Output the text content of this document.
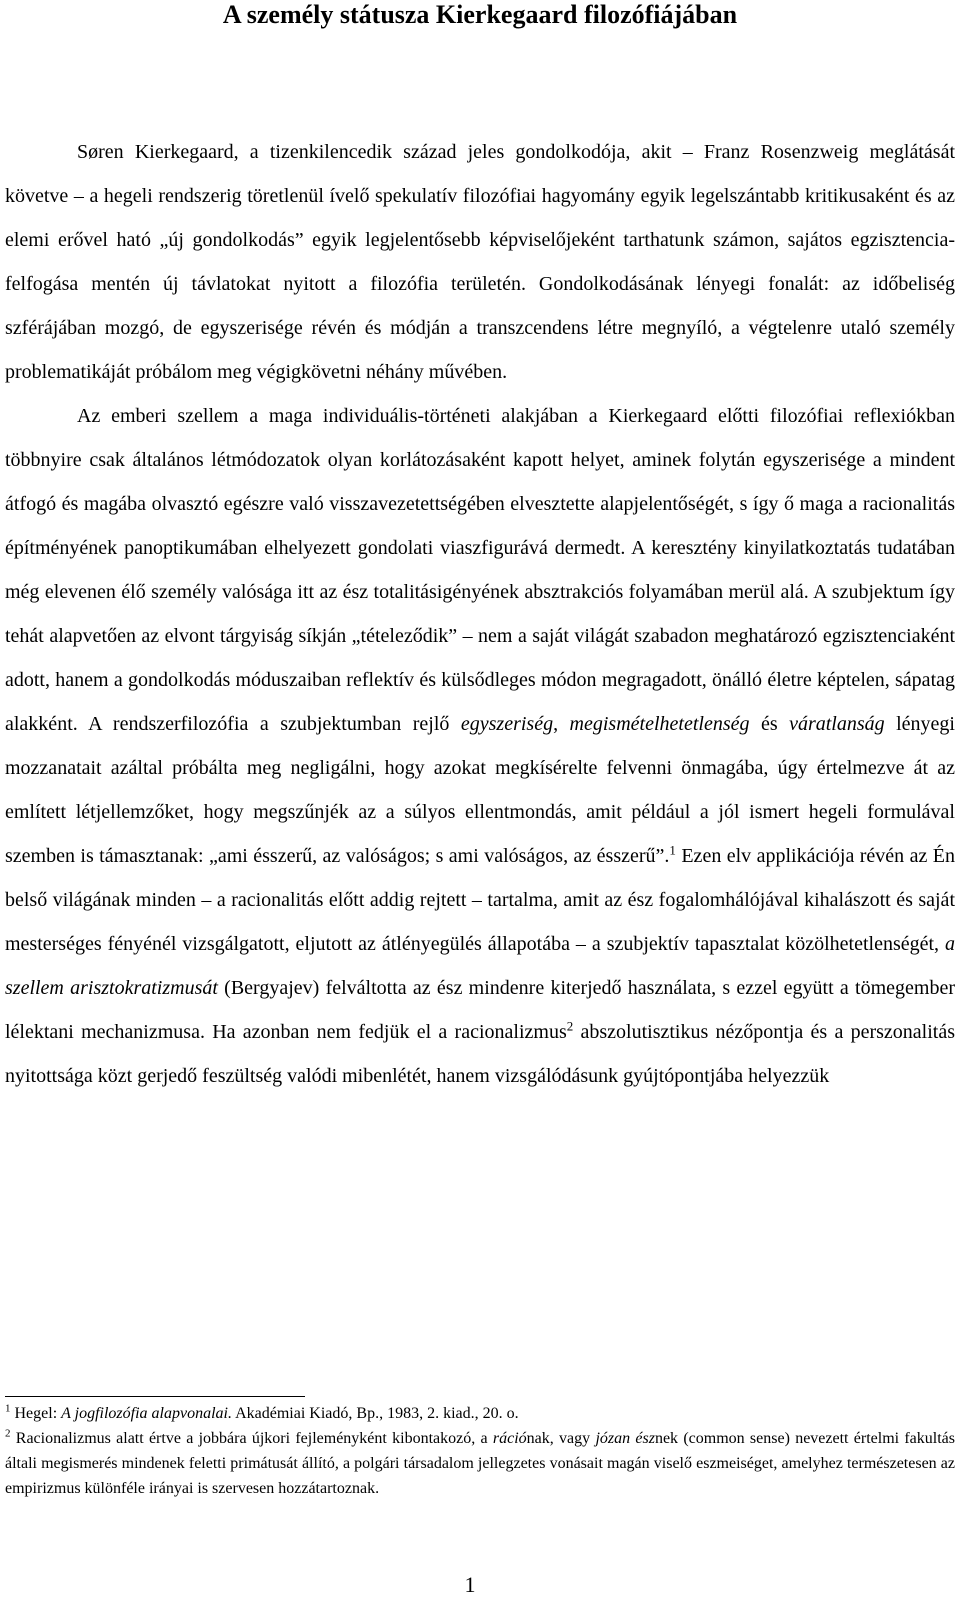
A személy státusza Kierkegaard filozófiájában

Søren Kierkegaard, a tizenkilencedik század jeles gondolkodója, akit – Franz Rosenzweig meglátását követve – a hegeli rendszerig töretlenül ívelő spekulatív filozófiai hagyomány egyik legelszántabb kritikusaként és az elemi erővel ható „új gondolkodás” egyik legjelentősebb képviselőjeként tarthatunk számon, sajátos egzisztencia-felfogása mentén új távlatokat nyitott a filozófia területén. Gondolkodásának lényegi fonalát: az időbeliség szférájában mozgó, de egyszerisége révén és módján a transzcendens létre megnyíló, a végtelenre utaló személy problematikáját próbálom meg végigkövetni néhány művében.

Az emberi szellem a maga individuális-történeti alakjában a Kierkegaard előtti filozófiai reflexiókban többnyire csak általános létmódozatok olyan korlátozásaként kapott helyet, aminek folytán egyszerisége a mindent átfogó és magába olvasztó egészre való visszavezetettségében elvesztette alapjelentőségét, s így ő maga a racionalitás építményének panoptikumában elhelyezett gondolati viaszfigurává dermedt. A keresztény kinyilatkoztatás tudatában még elevenen élő személy valósága itt az ész totalitásigényének absztrakciós folyamában merül alá. A szubjektum így tehát alapvetően az elvont tárgyiság síkján „tételeződik” – nem a saját világát szabadon meghatározó egzisztenciaként adott, hanem a gondolkodás móduszaiban reflektív és külsődleges módon megragadott, önálló életre képtelen, sápatag alakként. A rendszerfilozófia a szubjektumban rejlő egyszeriség, megismételhetetlenség és váratlanság lényegi mozzanatait azáltal próbálta meg negligálni, hogy azokat megkísérelte felvenni önmagába, úgy értelmezve át az említett létjellemzőket, hogy megszűnjék az a súlyos ellentmondás, amit például a jól ismert hegeli formulával szemben is támasztanak: „ami ésszerű, az valóságos; s ami valóságos, az ésszerű”.$^1$ Ezen elv applikációja révén az Én belső világának minden – a racionalitás előtt addig rejtett – tartalma, amit az ész fogalomhálójával kihalászott és saját mesterséges fényénél vizsgálgatott, eljutott az átlényegülés állapotába – a szubjektív tapasztalat közölhetetlenségét, a szellem arisztokratizmusát (Bergyajev) felváltotta az ész mindenre kiterjedő használata, s ezzel együtt a tömegember lélektani mechanizmusa. Ha azonban nem fedjük el a racionalizmus$^2$ abszolutisztikus nézőpontja és a perszonalitás nyitottsága közt gerjedő feszültség valódi mibenlétét, hanem vizsgálódásunk gyújtópontjába helyezzük

$^1$ Hegel: A jogfilozófia alapvonalai. Akadémiai Kiadó, Bp., 1983, 2. kiad., 20. o.

$^2$ Racionalizmus alatt értve a jobbára újkori fejleményként kibontakozó, a rációnak, vagy józan észnek (common sense) nevezett értelmi fakultás általi megismerés mindenek feletti primátusát állító, a polgári társadalom jellegzetes vonásait magán viselő eszmeiséget, amelyhez természetesen az empirizmus különféle irányai is szervesen hozzátartoznak.

1
